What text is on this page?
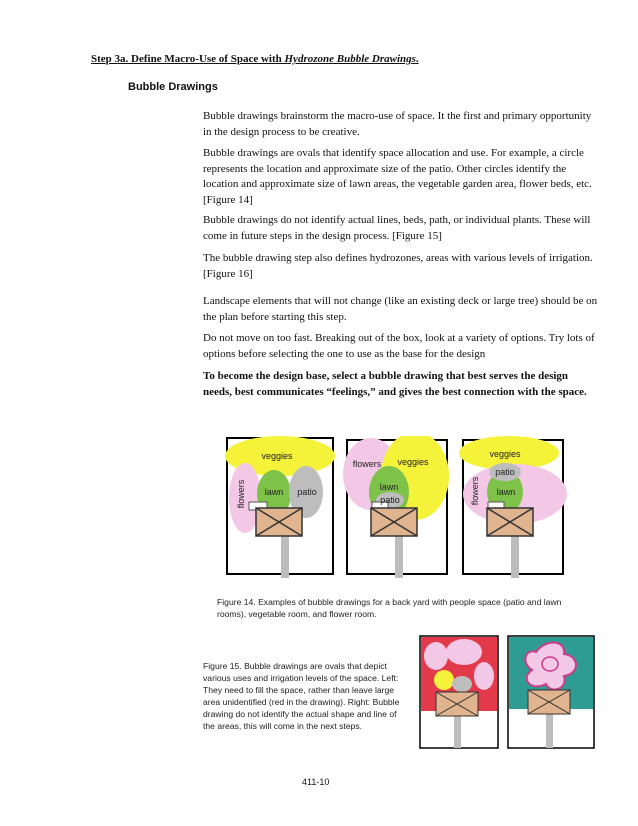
Step 3a. Define Macro-Use of Space with Hydrozone Bubble Drawings.
Bubble Drawings
Bubble drawings brainstorm the macro-use of space. It the first and primary opportunity in the design process to be creative.
Bubble drawings are ovals that identify space allocation and use. For example, a circle represents the location and approximate size of the patio. Other circles identify the location and approximate size of lawn areas, the vegetable garden area, flower beds, etc. [Figure 14]
Bubble drawings do not identify actual lines, beds, path, or individual plants. These will come in future steps in the design process. [Figure 15]
The bubble drawing step also defines hydrozones, areas with various levels of irrigation. [Figure 16]
Landscape elements that will not change (like an existing deck or large tree) should be on the plan before starting this step.
Do not move on too fast. Breaking out of the box, look at a variety of options. Try lots of options before selecting the one to use as the base for the design
To become the design base, select a bubble drawing that best serves the design needs, best communicates “feelings,” and gives the best connection with the space.
veggies
flowers lawn patio
flowers veggies
lawn
patio
veggies
patio
flowers lawn
Figure 14. Examples of bubble drawings for a back yard with people space (patio and lawn rooms), vegetable room, and flower room.
Figure 15. Bubble drawings are ovals that depict various uses and irrigation levels of the space. Left: They need to fill the space, rather than leave large area unidentified (red in the drawing). Right: Bubble drawing do not identify the actual shape and line of the areas, this will come in the next steps.
411-10
